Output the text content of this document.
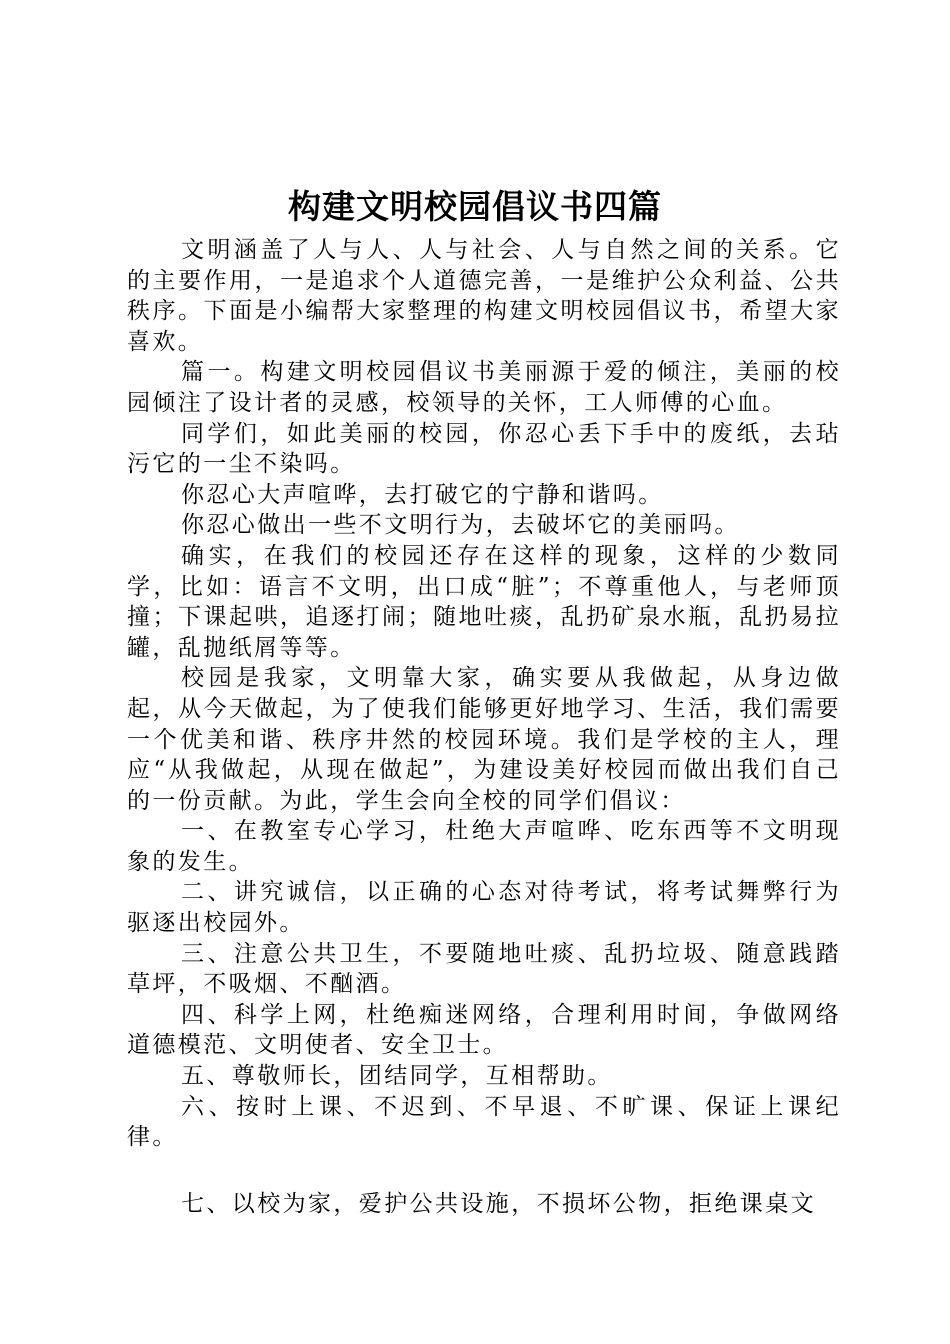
构建文明校园倡议书四篇

文明涵盖了人与人、人与社会、人与自然之间的关系。它的主要作用，一是追求个人道德完善，一是维护公众利益、公共秩序。下面是小编帮大家整理的构建文明校园倡议书，希望大家喜欢。

篇一。构建文明校园倡议书美丽源于爱的倾注，美丽的校园倾注了设计者的灵感，校领导的关怀，工人师傅的心血。

同学们，如此美丽的校园，你忍心丢下手中的废纸，去玷污它的一尘不染吗。

你忍心大声喧哗，去打破它的宁静和谐吗。

你忍心做出一些不文明行为，去破坏它的美丽吗。

确实，在我们的校园还存在这样的现象，这样的少数同学，比如：语言不文明，出口成“脏”；不尊重他人，与老师顶撞；下课起哄，追逐打闹；随地吐痰，乱扔矿泉水瓶，乱扔易拉罐，乱抛纸屑等等。

校园是我家，文明靠大家，确实要从我做起，从身边做起，从今天做起，为了使我们能够更好地学习、生活，我们需要一个优美和谐、秩序井然的校园环境。我们是学校的主人，理应“从我做起，从现在做起”，为建设美好校园而做出我们自己的一份贡献。为此，学生会向全校的同学们倡议：

一、在教室专心学习，杜绝大声喧哗、吃东西等不文明现象的发生。

二、讲究诚信，以正确的心态对待考试，将考试舞弊行为驱逐出校园外。

三、注意公共卫生，不要随地吐痰、乱扔垃圾、随意践踏草坪，不吸烟、不酗酒。

四、科学上网，杜绝痴迷网络，合理利用时间，争做网络道德模范、文明使者、安全卫士。

五、尊敬师长，团结同学，互相帮助。

六、按时上课、不迟到、不早退、不旷课、保证上课纪律。

七、以校为家，爱护公共设施，不损坏公物，拒绝课桌文
